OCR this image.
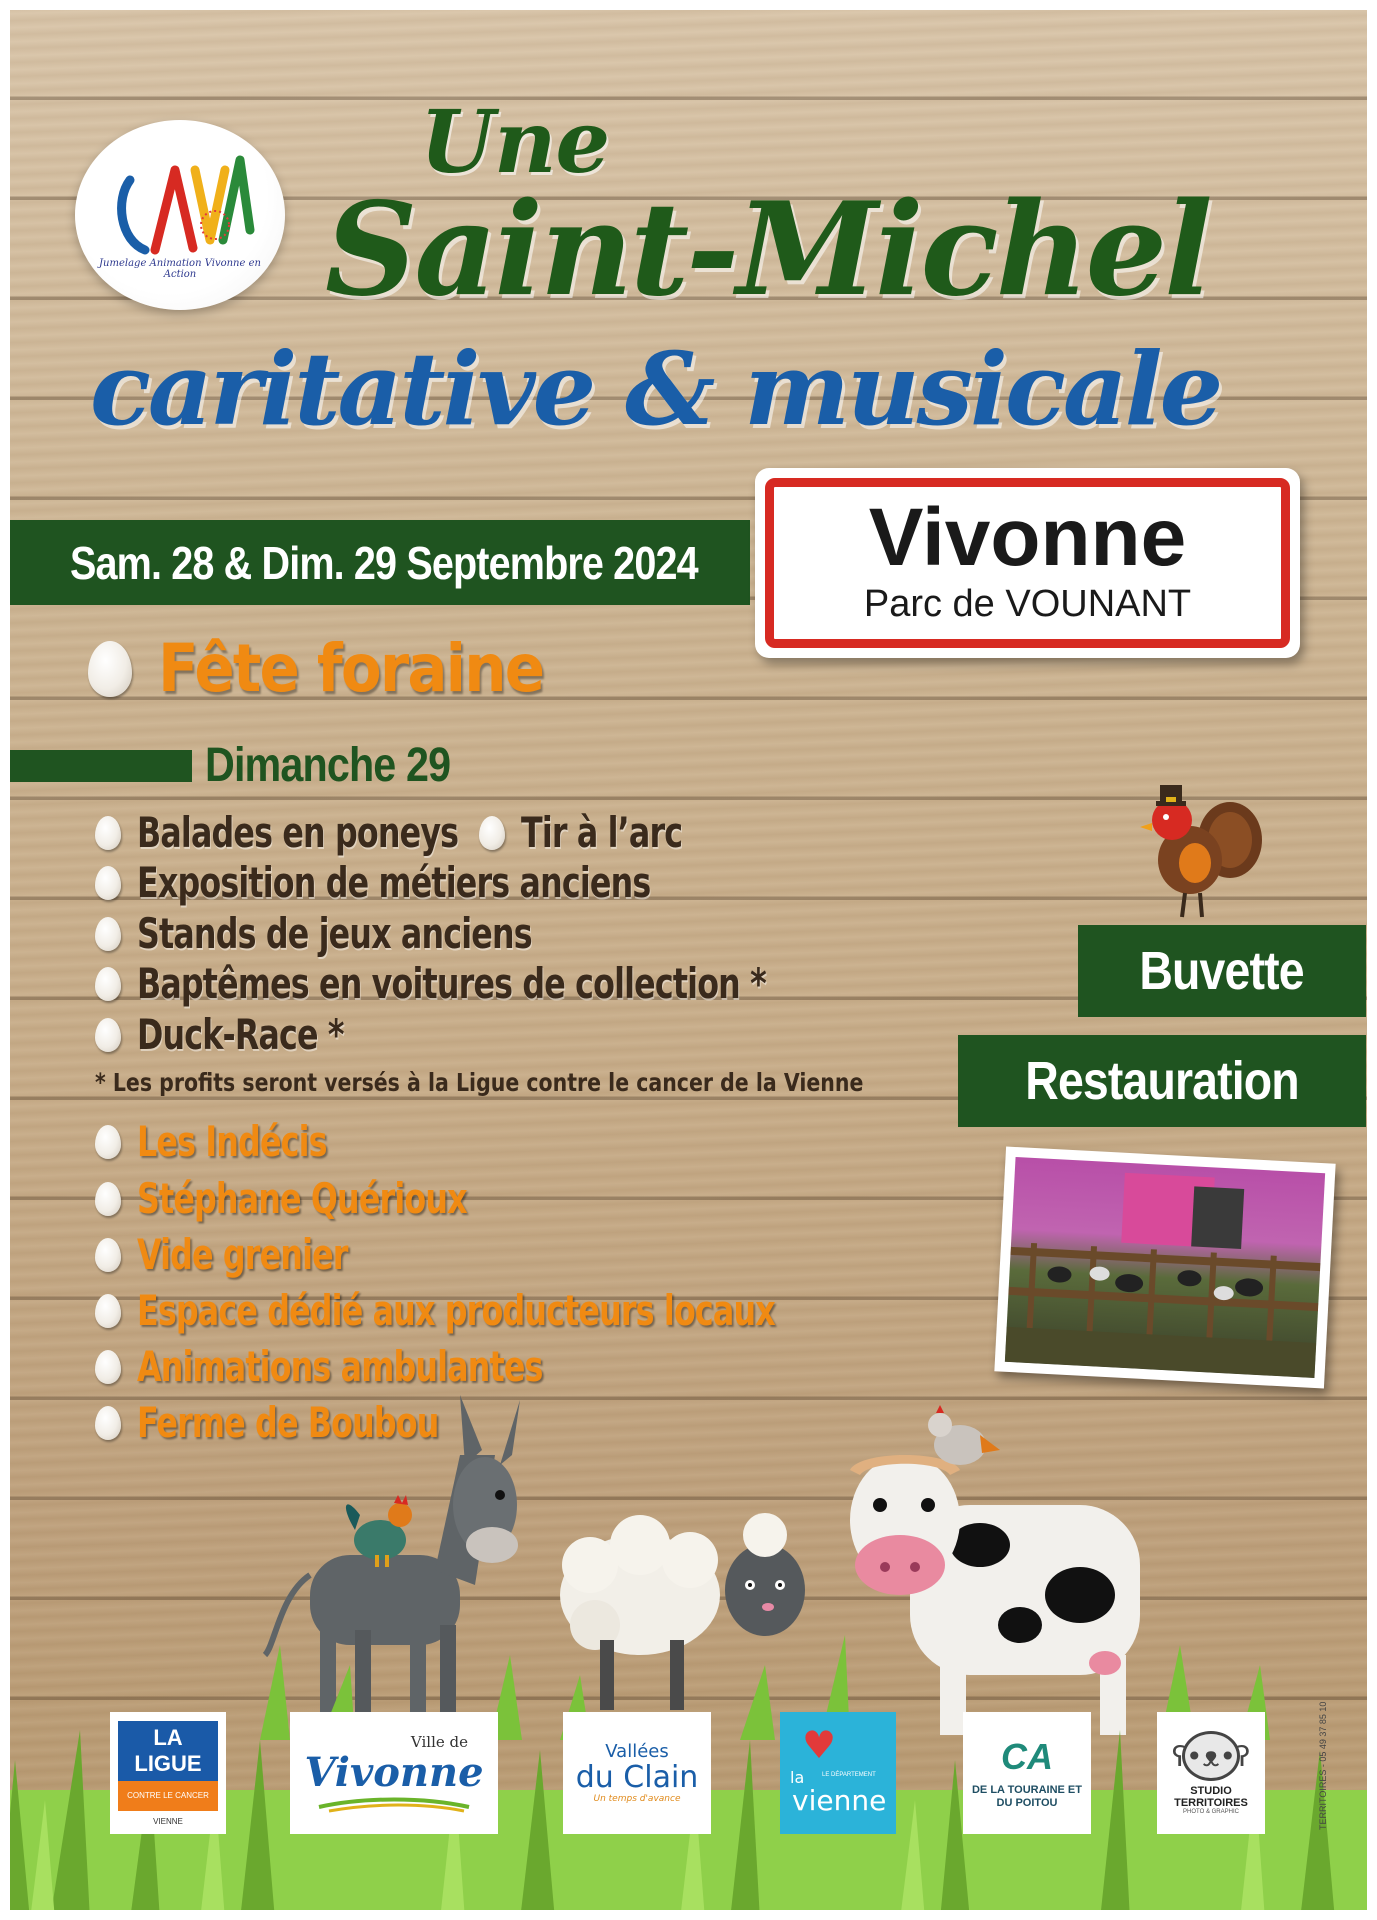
Jumelage Animation Vivonne en Action
Une
Saint-Michel
caritative & musicale
Sam. 28 & Dim. 29 Septembre 2024	Vivonne
Parc de VOUNANT
Fête foraine
Dimanche 29
Balades en poneys Tir à l’arc
Exposition de métiers anciens
Stands de jeux anciens
Baptêmes en voitures de collection *
Duck-Race *
* Les profits seront versés à la Ligue contre le cancer de la Vienne
Les Indécis
Stéphane Quérioux
Vide grenier
Espace dédié aux producteurs locaux
Animations ambulantes
Ferme de Boubou
Buvette
Restauration
LA LIGUE
CONTRE LE CANCER
VIENNE
Ville de
Vivonne	Vallées
du Clain
Un temps d'avance
♥
la	LE DÉPARTEMENT
vienne
CA
DE LA TOURAINE ET DU POITOU
ʕ•ᴥ•ʔ
STUDIO TERRITOIRES
PHOTO & GRAPHIC	TERRITOIRES - 05 49 37 85 10
